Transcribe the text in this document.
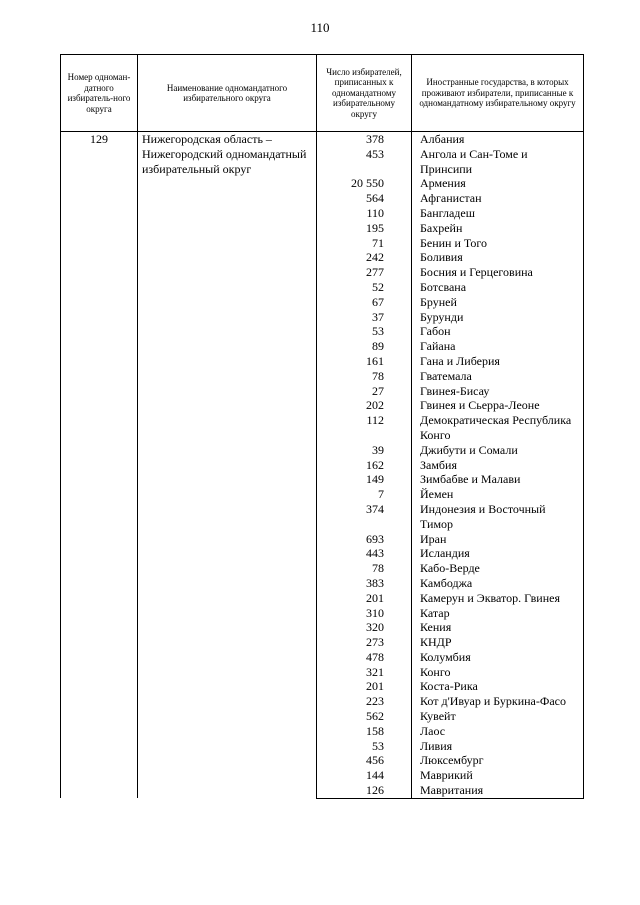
110
Номер одноман-датного избиратель-ного округа	Наименование одномандатного избирательного округа	Число избирателей, приписанных к одномандатному избирательному округу	Иностранные государства, в которых проживают избиратели, приписанные к одномандатному избирательному округу

129	Нижегородская область – Нижегородский одномандатный избирательный округ	378	Албания
		453	Ангола и Сан-Томе и Принсипи
		20 550	Армения
		564	Афганистан
		110	Бангладеш
		195	Бахрейн
		71	Бенин и Того
		242	Боливия
		277	Босния и Герцеговина
		52	Ботсвана
		67	Бруней
		37	Бурунди
		53	Габон
		89	Гайана
		161	Гана и Либерия
		78	Гватемала
		27	Гвинея-Бисау
		202	Гвинея и Сьерра-Леоне
		112	Демократическая Республика Конго
		39	Джибути и Сомали
		162	Замбия
		149	Зимбабве и Малави
		7	Йемен
		374	Индонезия и Восточный Тимор
		693	Иран
		443	Исландия
		78	Кабо-Верде
		383	Камбоджа
		201	Камерун и Экватор. Гвинея
		310	Катар
		320	Кения
		273	КНДР
		478	Колумбия
		321	Конго
		201	Коста-Рика
		223	Кот д'Ивуар и Буркина-Фасо
		562	Кувейт
		158	Лаос
		53	Ливия
		456	Люксембург
		144	Маврикий
		126	Мавритания
